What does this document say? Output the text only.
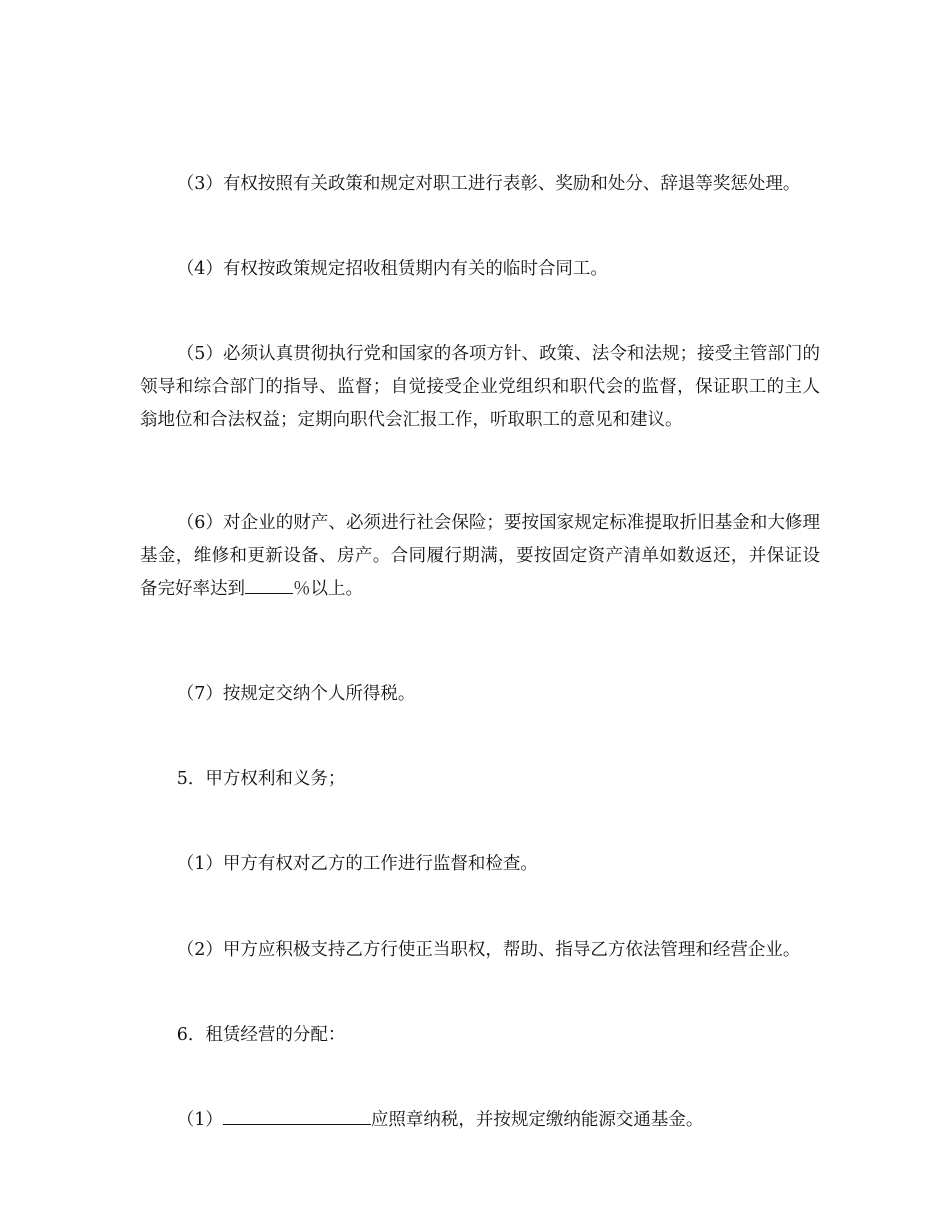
（3）有权按照有关政策和规定对职工进行表彰、奖励和处分、辞退等奖惩处理。

（4）有权按政策规定招收租赁期内有关的临时合同工。

（5）必须认真贯彻执行党和国家的各项方针、政策、法令和法规；接受主管部门的领导和综合部门的指导、监督；自觉接受企业党组织和职代会的监督，保证职工的主人翁地位和合法权益；定期向职代会汇报工作，听取职工的意见和建议。

（6）对企业的财产、必须进行社会保险；要按国家规定标准提取折旧基金和大修理基金，维修和更新设备、房产。合同履行期满，要按固定资产清单如数返还，并保证设备完好率达到	％以上。

（7）按规定交纳个人所得税。

5．甲方权利和义务；

（1）甲方有权对乙方的工作进行监督和检查。

（2）甲方应积极支持乙方行使正当职权，帮助、指导乙方依法管理和经营企业。

6．租赁经营的分配：

（1）	应照章纳税，并按规定缴纳能源交通基金。
